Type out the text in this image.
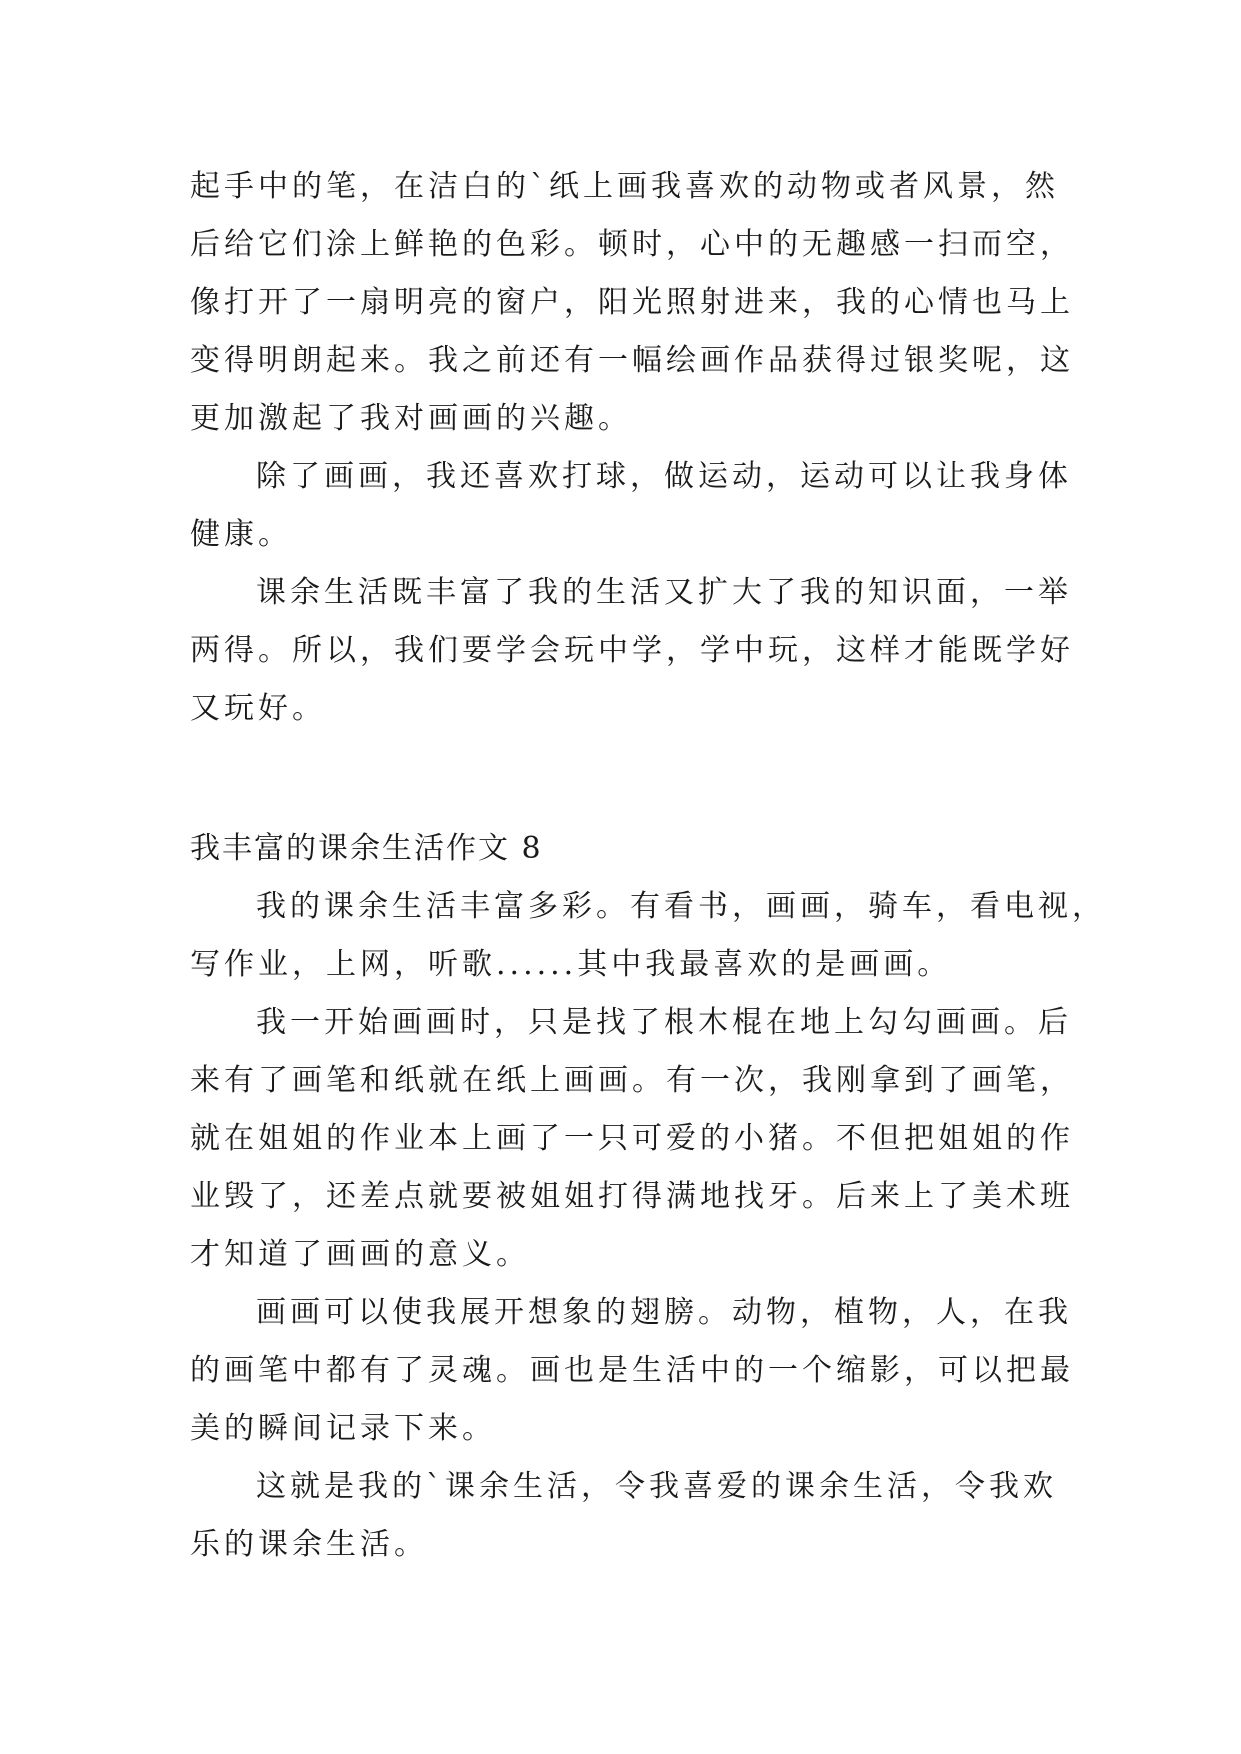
起手中的笔，在洁白的`纸上画我喜欢的动物或者风景，然
后给它们涂上鲜艳的色彩。顿时，心中的无趣感一扫而空，
像打开了一扇明亮的窗户，阳光照射进来，我的心情也马上
变得明朗起来。我之前还有一幅绘画作品获得过银奖呢，这
更加激起了我对画画的兴趣。
除了画画，我还喜欢打球，做运动，运动可以让我身体
健康。
课余生活既丰富了我的生活又扩大了我的知识面，一举
两得。所以，我们要学会玩中学，学中玩，这样才能既学好
又玩好。
我丰富的课余生活作文 8
我的课余生活丰富多彩。有看书，画画，骑车，看电视，
写作业，上网，听歌......其中我最喜欢的是画画。
我一开始画画时，只是找了根木棍在地上勾勾画画。后
来有了画笔和纸就在纸上画画。有一次，我刚拿到了画笔，
就在姐姐的作业本上画了一只可爱的小猪。不但把姐姐的作
业毁了，还差点就要被姐姐打得满地找牙。后来上了美术班
才知道了画画的意义。
画画可以使我展开想象的翅膀。动物，植物，人，在我
的画笔中都有了灵魂。画也是生活中的一个缩影，可以把最
美的瞬间记录下来。
这就是我的`课余生活，令我喜爱的课余生活，令我欢
乐的课余生活。
